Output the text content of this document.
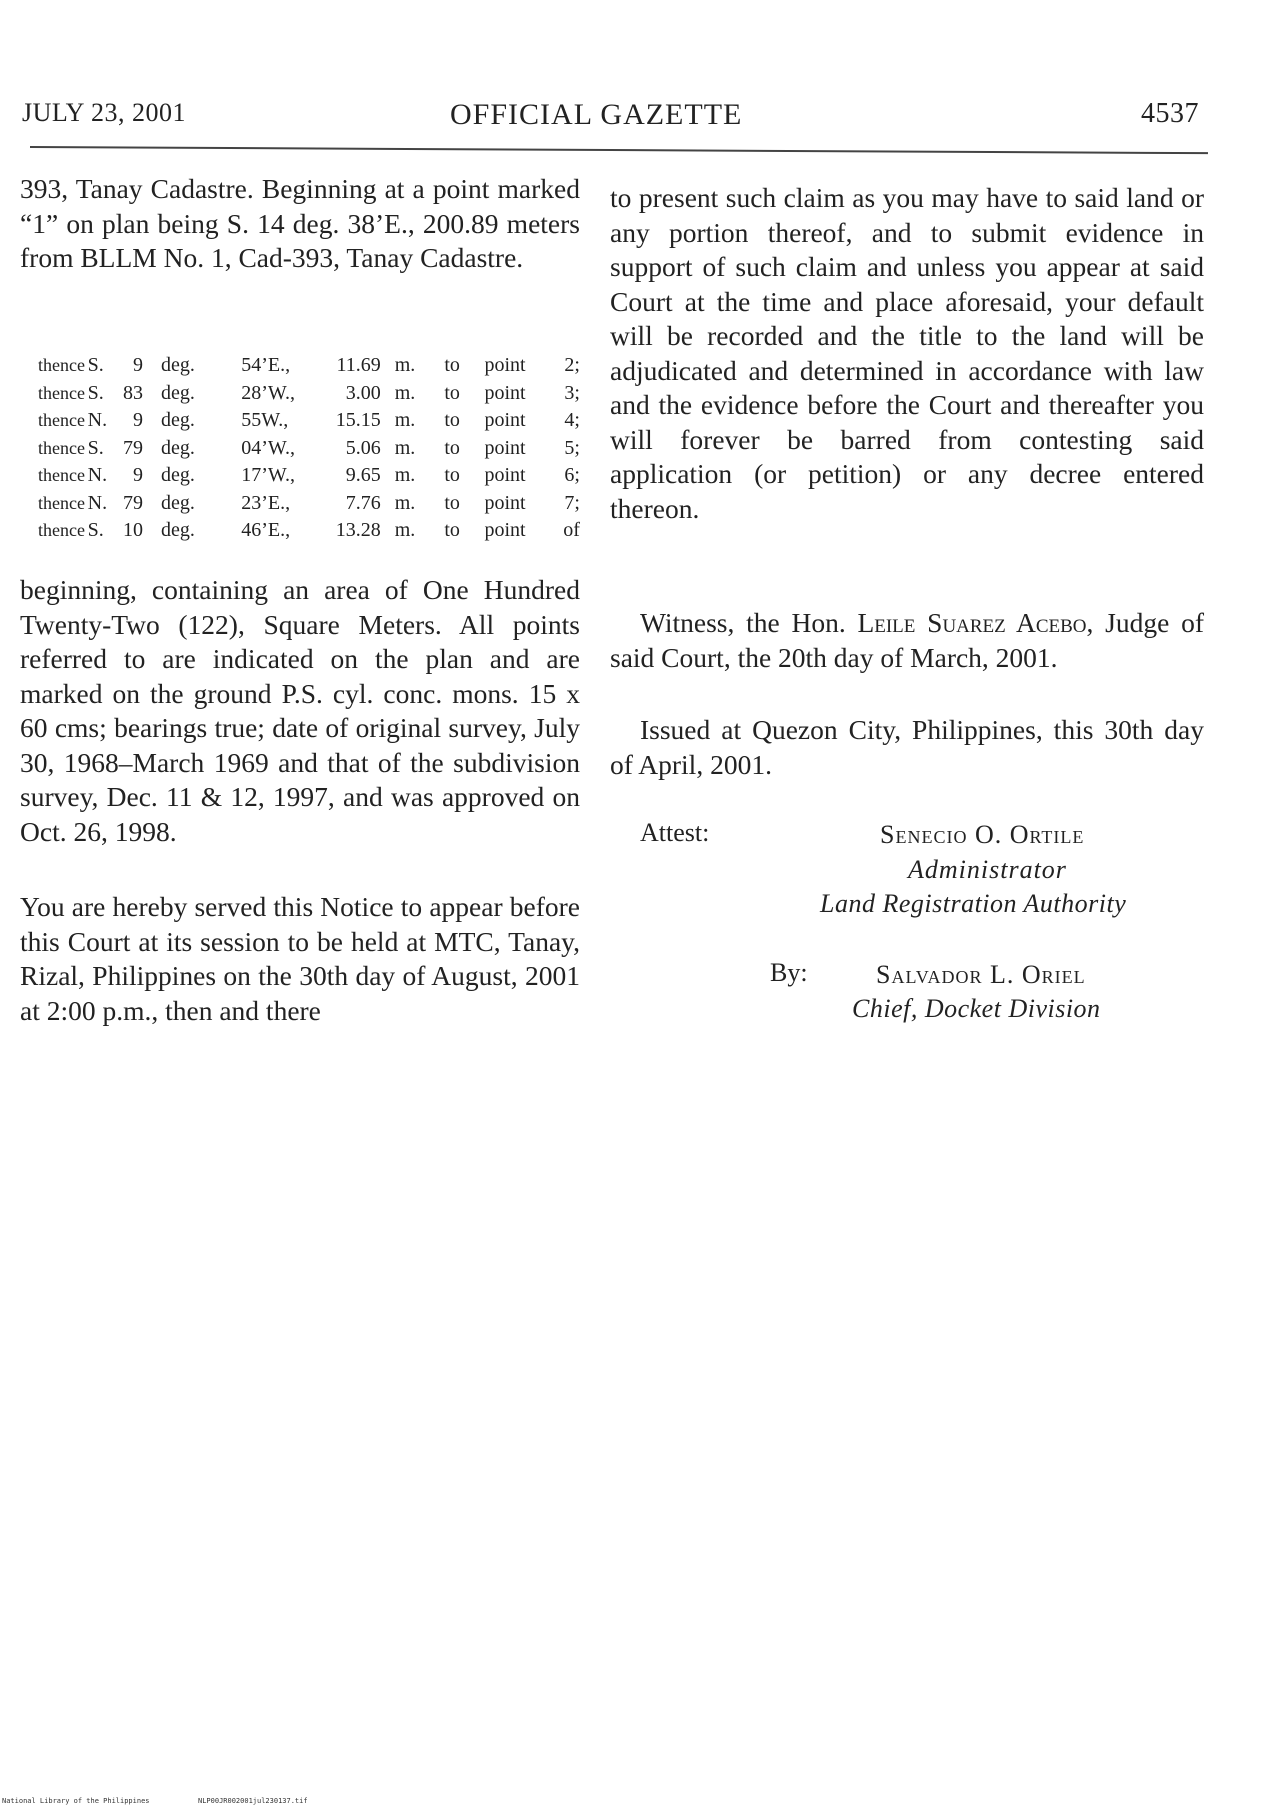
JULY 23, 2001	OFFICIAL GAZETTE	4537

393, Tanay Cadastre. Beginning at a point marked “1” on plan being S. 14 deg. 38’E., 200.89 meters from BLLM No. 1, Cad-393, Tanay Cadastre.

thence S.	9 deg.	54’E.,	11.69 m.	to	point	2;
thence S. 83 deg.	28’W.,	3.00 m.	to	point	3;
thence N.	9 deg.	55W.,	15.15 m.	to	point	4;
thence S. 79 deg.	04’W.,	5.06 m.	to	point	5;
thence N.	9 deg.	17’W.,	9.65 m.	to	point	6;
thence N. 79 deg.	23’E.,	7.76 m.	to	point	7;
thence S. 10 deg.	46’E.,	13.28 m.	to	point	of

beginning, containing an area of One Hundred Twenty-Two (122), Square Meters. All points referred to are indicated on the plan and are marked on the ground P.S. cyl. conc. mons. 15 x 60 cms; bearings true; date of original survey, July 30, 1968–March 1969 and that of the subdivision survey, Dec. 11 & 12, 1997, and was approved on Oct. 26, 1998.

You are hereby served this Notice to appear before this Court at its session to be held at MTC, Tanay, Rizal, Philippines on the 30th day of August, 2001 at 2:00 p.m., then and there

to present such claim as you may have to said land or any portion thereof, and to submit evidence in support of such claim and unless you appear at said Court at the time and place aforesaid, your default will be recorded and the title to the land will be adjudicated and determined in accordance with law and the evidence before the Court and thereafter you will forever be barred from contesting said application (or petition) or any decree entered thereon.

Witness, the Hon. Leile Suarez Acebo, Judge of said Court, the 20th day of March, 2001.

Issued at Quezon City, Philippines, this 30th day of April, 2001.

Attest:	Senecio O. Ortile
Administrator
Land Registration Authority
By:	Salvador L. Oriel
Chief, Docket Division
National Library of the Philippines	NLP00JR002001jul230137.tif
